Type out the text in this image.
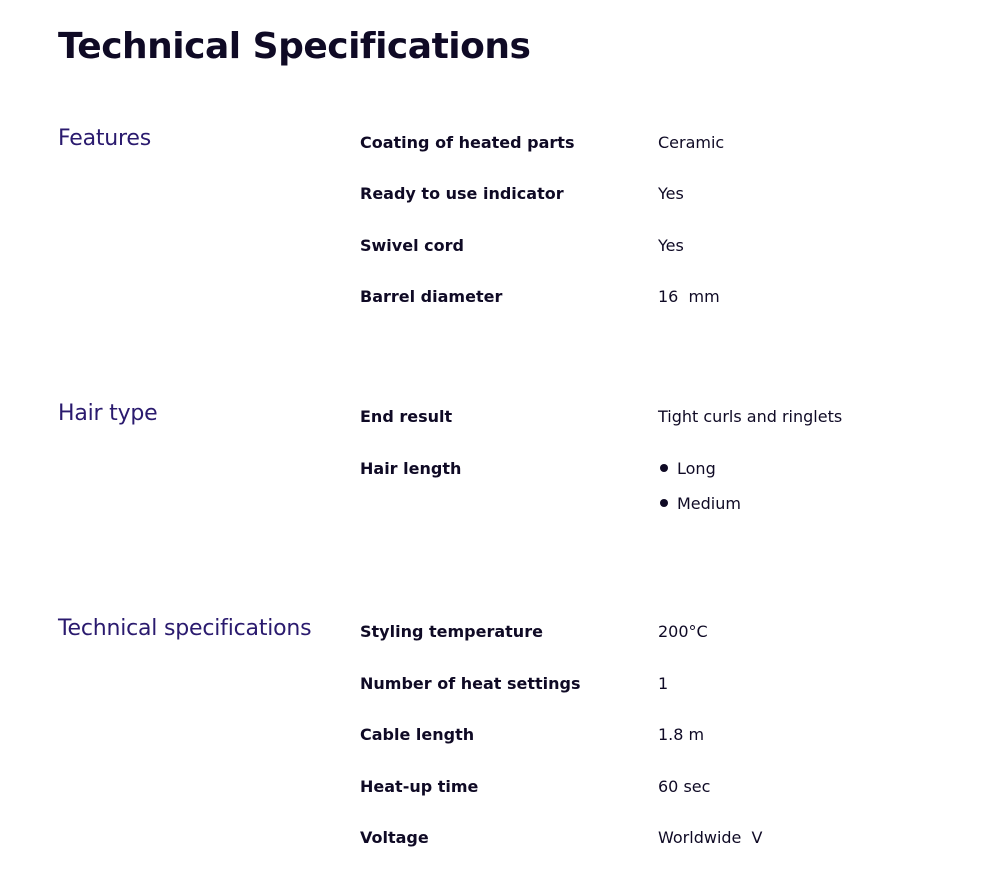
Technical Specifications
Features	Coating of heated parts	Ceramic
Ready to use indicator	Yes
Swivel cord	Yes
Barrel diameter	16  mm
Hair type	End result	Tight curls and ringlets
Hair length	Long
Medium
Technical specifications	Styling temperature	200°C
Number of heat settings	1
Cable length	1.8 m
Heat-up time	60 sec
Voltage	Worldwide  V
